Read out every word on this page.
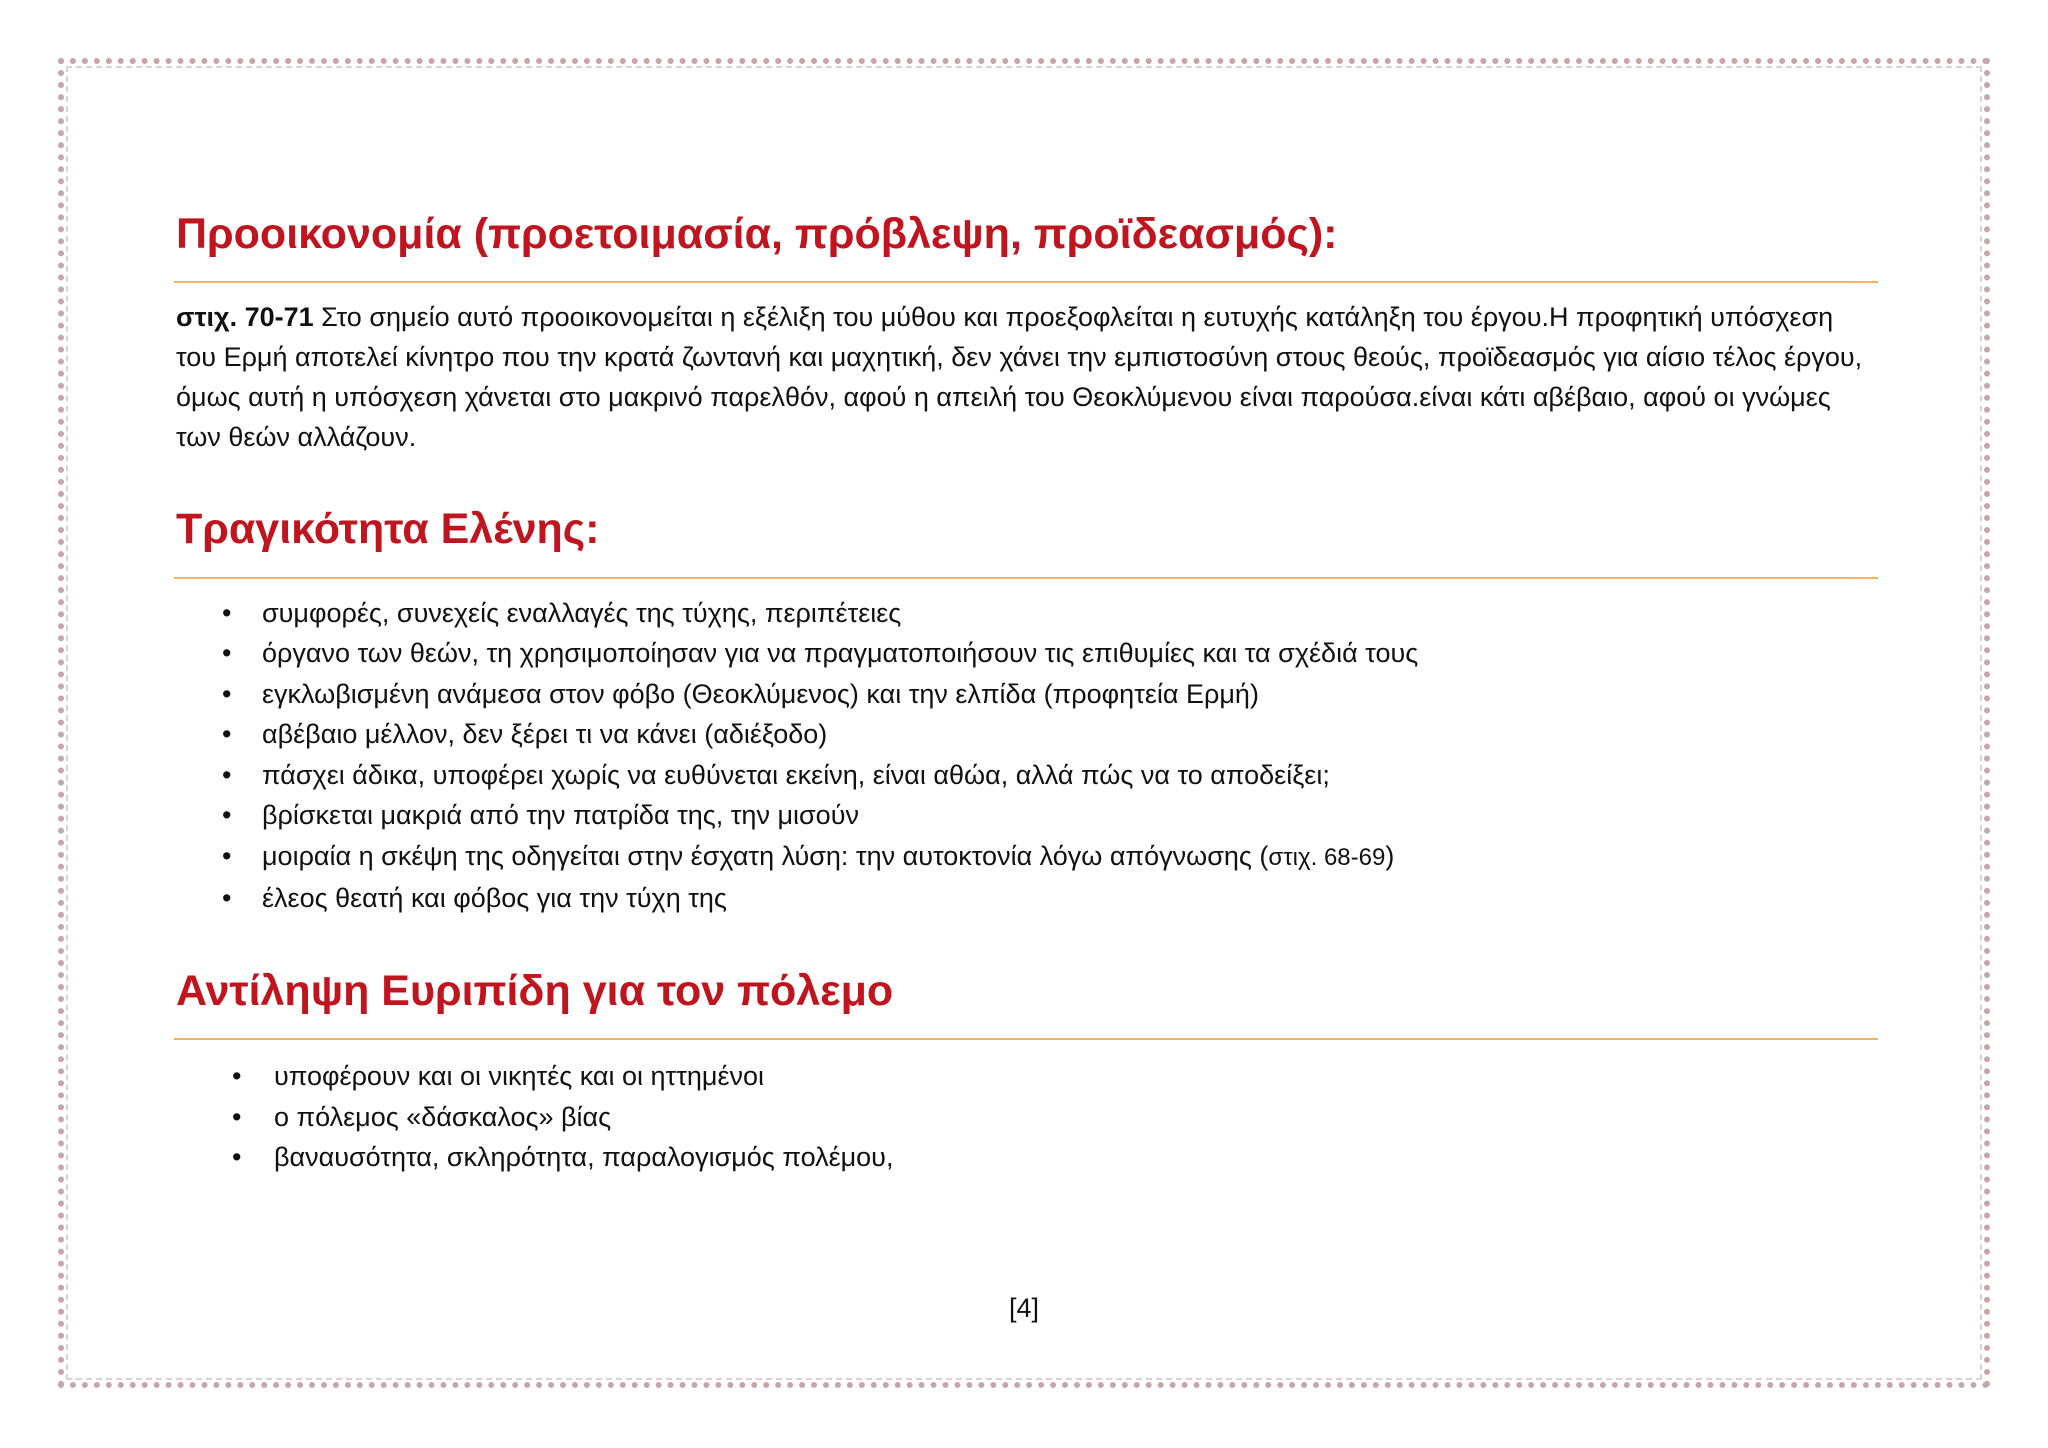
Προοικονομία (προετοιμασία, πρόβλεψη, προϊδεασμός):

στιχ. 70-71 Στο σημείο αυτό προοικονομείται η εξέλιξη του μύθου και προεξοφλείται η ευτυχής κατάληξη του έργου.Η προφητική υπόσχεση του Ερμή αποτελεί κίνητρο που την κρατά ζωντανή και μαχητική, δεν χάνει την εμπιστοσύνη στους θεούς, προϊδεασμός για αίσιο τέλος έργου, όμως αυτή η υπόσχεση χάνεται στο μακρινό παρελθόν, αφού η απειλή του Θεοκλύμενου είναι παρούσα.είναι κάτι αβέβαιο, αφού οι γνώμες των θεών αλλάζουν.

Τραγικότητα Ελένης:
• συμφορές, συνεχείς εναλλαγές της τύχης, περιπέτειες
• όργανο των θεών, τη χρησιμοποίησαν για να πραγματοποιήσουν τις επιθυμίες και τα σχέδιά τους
• εγκλωβισμένη ανάμεσα στον φόβο (Θεοκλύμενος) και την ελπίδα (προφητεία Ερμή)
• αβέβαιο μέλλον, δεν ξέρει τι να κάνει (αδιέξοδο)
• πάσχει άδικα, υποφέρει χωρίς να ευθύνεται εκείνη, είναι αθώα, αλλά πώς να το αποδείξει;
• βρίσκεται μακριά από την πατρίδα της, την μισούν
• μοιραία η σκέψη της οδηγείται στην έσχατη λύση: την αυτοκτονία λόγω απόγνωσης (στιχ. 68-69)
• έλεος θεατή και φόβος για την τύχη της
Αντίληψη Ευριπίδη για τον πόλεμο
• υποφέρουν και οι νικητές και οι ηττημένοι
• ο πόλεμος «δάσκαλος» βίας
• βαναυσότητα, σκληρότητα, παραλογισμός πολέμου,
[4]
